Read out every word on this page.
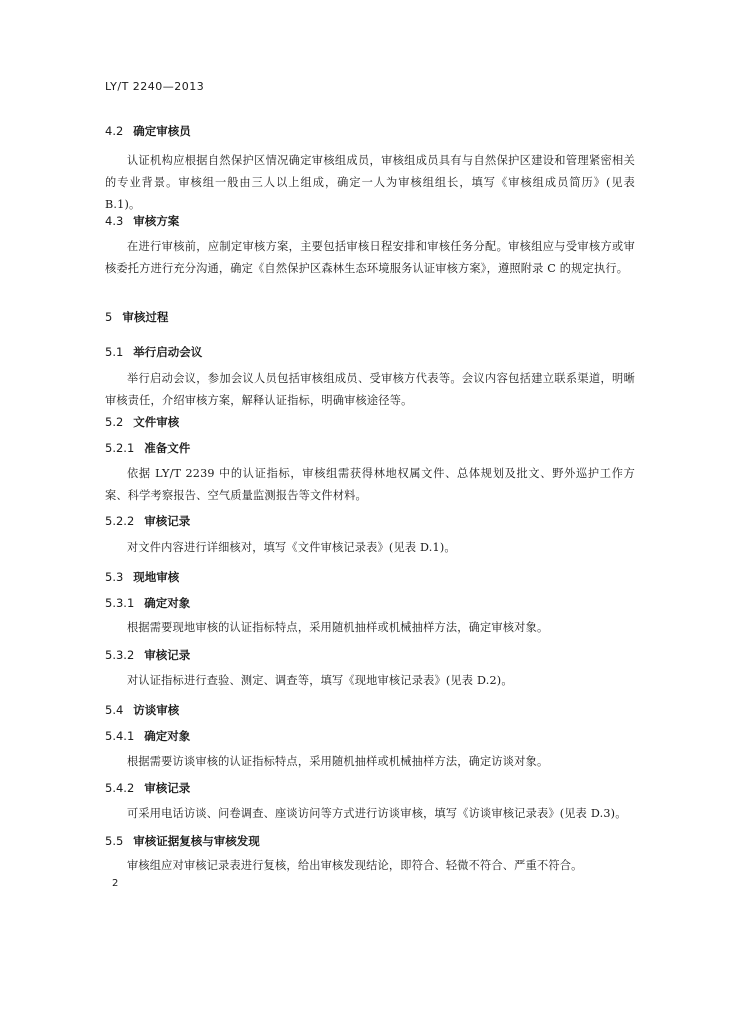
LY/T 2240—2013
4.2 确定审核员
认证机构应根据自然保护区情况确定审核组成员，审核组成员具有与自然保护区建设和管理紧密相关的专业背景。审核组一般由三人以上组成，确定一人为审核组组长，填写《审核组成员简历》(见表 B.1)。
4.3 审核方案
在进行审核前，应制定审核方案，主要包括审核日程安排和审核任务分配。审核组应与受审核方或审核委托方进行充分沟通，确定《自然保护区森林生态环境服务认证审核方案》，遵照附录 C 的规定执行。
5 审核过程
5.1 举行启动会议
举行启动会议，参加会议人员包括审核组成员、受审核方代表等。会议内容包括建立联系渠道，明晰审核责任，介绍审核方案，解释认证指标，明确审核途径等。
5.2 文件审核
5.2.1 准备文件
依据 LY/T 2239 中的认证指标，审核组需获得林地权属文件、总体规划及批文、野外巡护工作方案、科学考察报告、空气质量监测报告等文件材料。
5.2.2 审核记录
对文件内容进行详细核对，填写《文件审核记录表》(见表 D.1)。
5.3 现地审核
5.3.1 确定对象
根据需要现地审核的认证指标特点，采用随机抽样或机械抽样方法，确定审核对象。
5.3.2 审核记录
对认证指标进行查验、测定、调查等，填写《现地审核记录表》(见表 D.2)。
5.4 访谈审核
5.4.1 确定对象
根据需要访谈审核的认证指标特点，采用随机抽样或机械抽样方法，确定访谈对象。
5.4.2 审核记录
可采用电话访谈、问卷调查、座谈访问等方式进行访谈审核，填写《访谈审核记录表》(见表 D.3)。
5.5 审核证据复核与审核发现
审核组应对审核记录表进行复核，给出审核发现结论，即符合、轻微不符合、严重不符合。
2
